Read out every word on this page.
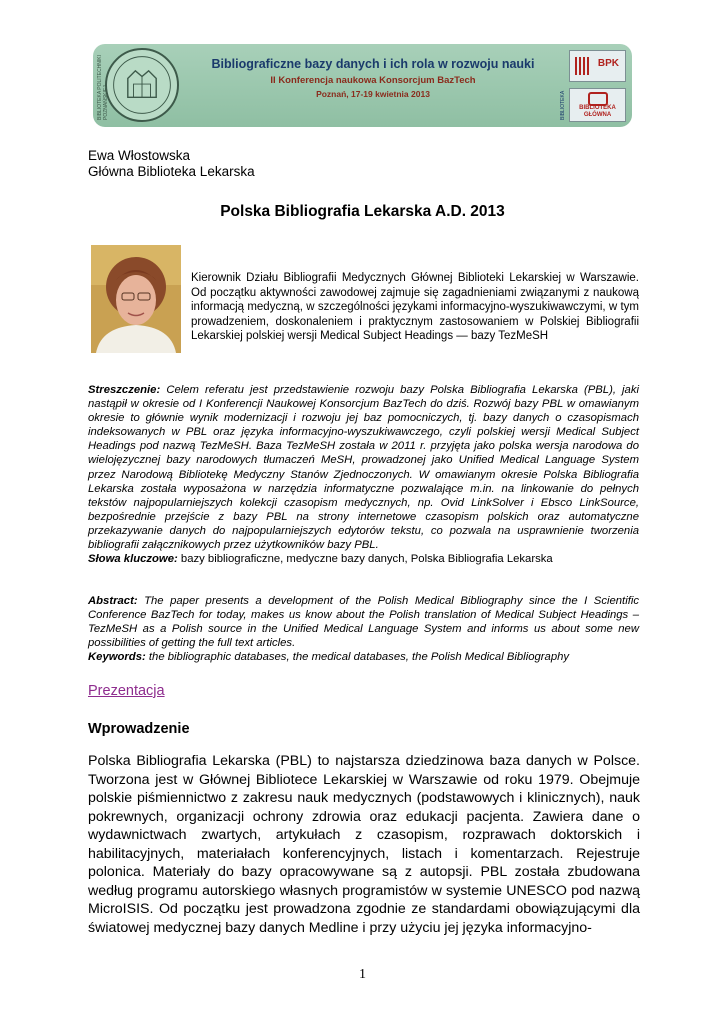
BIBLIOTEKA POLITECHNIKI POZNAŃSKIEJ
Bibliograficzne bazy danych i ich rola w rozwoju nauki
II Konferencja naukowa Konsorcjum BazTech
Poznań, 17-19 kwietnia 2013	BIBLIOTEKA
BPK
BIBLIOTEKA GŁÓWNA
Ewa Włostowska
Główna Biblioteka Lekarska
Polska Bibliografia Lekarska A.D. 2013
Kierownik Działu Bibliografii Medycznych Głównej Biblioteki Lekarskiej w Warszawie. Od początku aktywności zawodowej zajmuje się zagadnieniami związanymi z naukową informacją medyczną, w szczególności językami informacyjno-wyszukiwawczymi, w tym prowadzeniem, doskonaleniem i praktycznym zastosowaniem w Polskiej Bibliografii Lekarskiej polskiej wersji Medical Subject Headings — bazy TezMeSH
Streszczenie: Celem referatu jest przedstawienie rozwoju bazy Polska Bibliografia Lekarska (PBL), jaki nastąpił w okresie od I Konferencji Naukowej Konsorcjum BazTech do dziś. Rozwój bazy PBL w omawianym okresie to głównie wynik modernizacji i rozwoju jej baz pomocniczych, tj. bazy danych o czasopismach indeksowanych w PBL oraz języka informacyjno-wyszukiwawczego, czyli polskiej wersji Medical Subject Headings pod nazwą TezMeSH. Baza TezMeSH została w 2011 r. przyjęta jako polska wersja narodowa do wielojęzycznej bazy narodowych tłumaczeń MeSH, prowadzonej jako Unified Medical Language System przez Narodową Bibliotekę Medyczny Stanów Zjednoczonych. W omawianym okresie Polska Bibliografia Lekarska została wyposażona w narzędzia informatyczne pozwalające m.in. na linkowanie do pełnych tekstów najpopularniejszych kolekcji czasopism medycznych, np. Ovid LinkSolver i Ebsco LinkSource, bezpośrednie przejście z bazy PBL na strony internetowe czasopism polskich oraz automatyczne przekazywanie danych do najpopularniejszych edytorów tekstu, co pozwala na usprawnienie tworzenia bibliografii załącznikowych przez użytkowników bazy PBL.
Słowa kluczowe: bazy bibliograficzne, medyczne bazy danych, Polska Bibliografia Lekarska
Abstract: The paper presents a development of the Polish Medical Bibliography since the I Scientific Conference BazTech for today, makes us know about the Polish translation of Medical Subject Headings – TezMeSH as a Polish source in the Unified Medical Language System and informs us about some new possibilities of getting the full text articles.
Keywords: the bibliographic databases, the medical databases, the Polish Medical Bibliography
Prezentacja
Wprowadzenie
Polska Bibliografia Lekarska (PBL) to najstarsza dziedzinowa baza danych w Polsce. Tworzona jest w Głównej Bibliotece Lekarskiej w Warszawie od roku 1979. Obejmuje polskie piśmiennictwo z zakresu nauk medycznych (podstawowych i klinicznych), nauk pokrewnych, organizacji ochrony zdrowia oraz edukacji pacjenta. Zawiera dane o wydawnictwach zwartych, artykułach z czasopism, rozprawach doktorskich i habilitacyjnych, materiałach konferencyjnych, listach i komentarzach. Rejestruje polonica. Materiały do bazy opracowywane są z autopsji. PBL została zbudowana według programu autorskiego własnych programistów w systemie UNESCO pod nazwą MicroISIS. Od początku jest prowadzona zgodnie ze standardami obowiązującymi dla światowej medycznej bazy danych Medline i przy użyciu jej języka informacyjno-
1
